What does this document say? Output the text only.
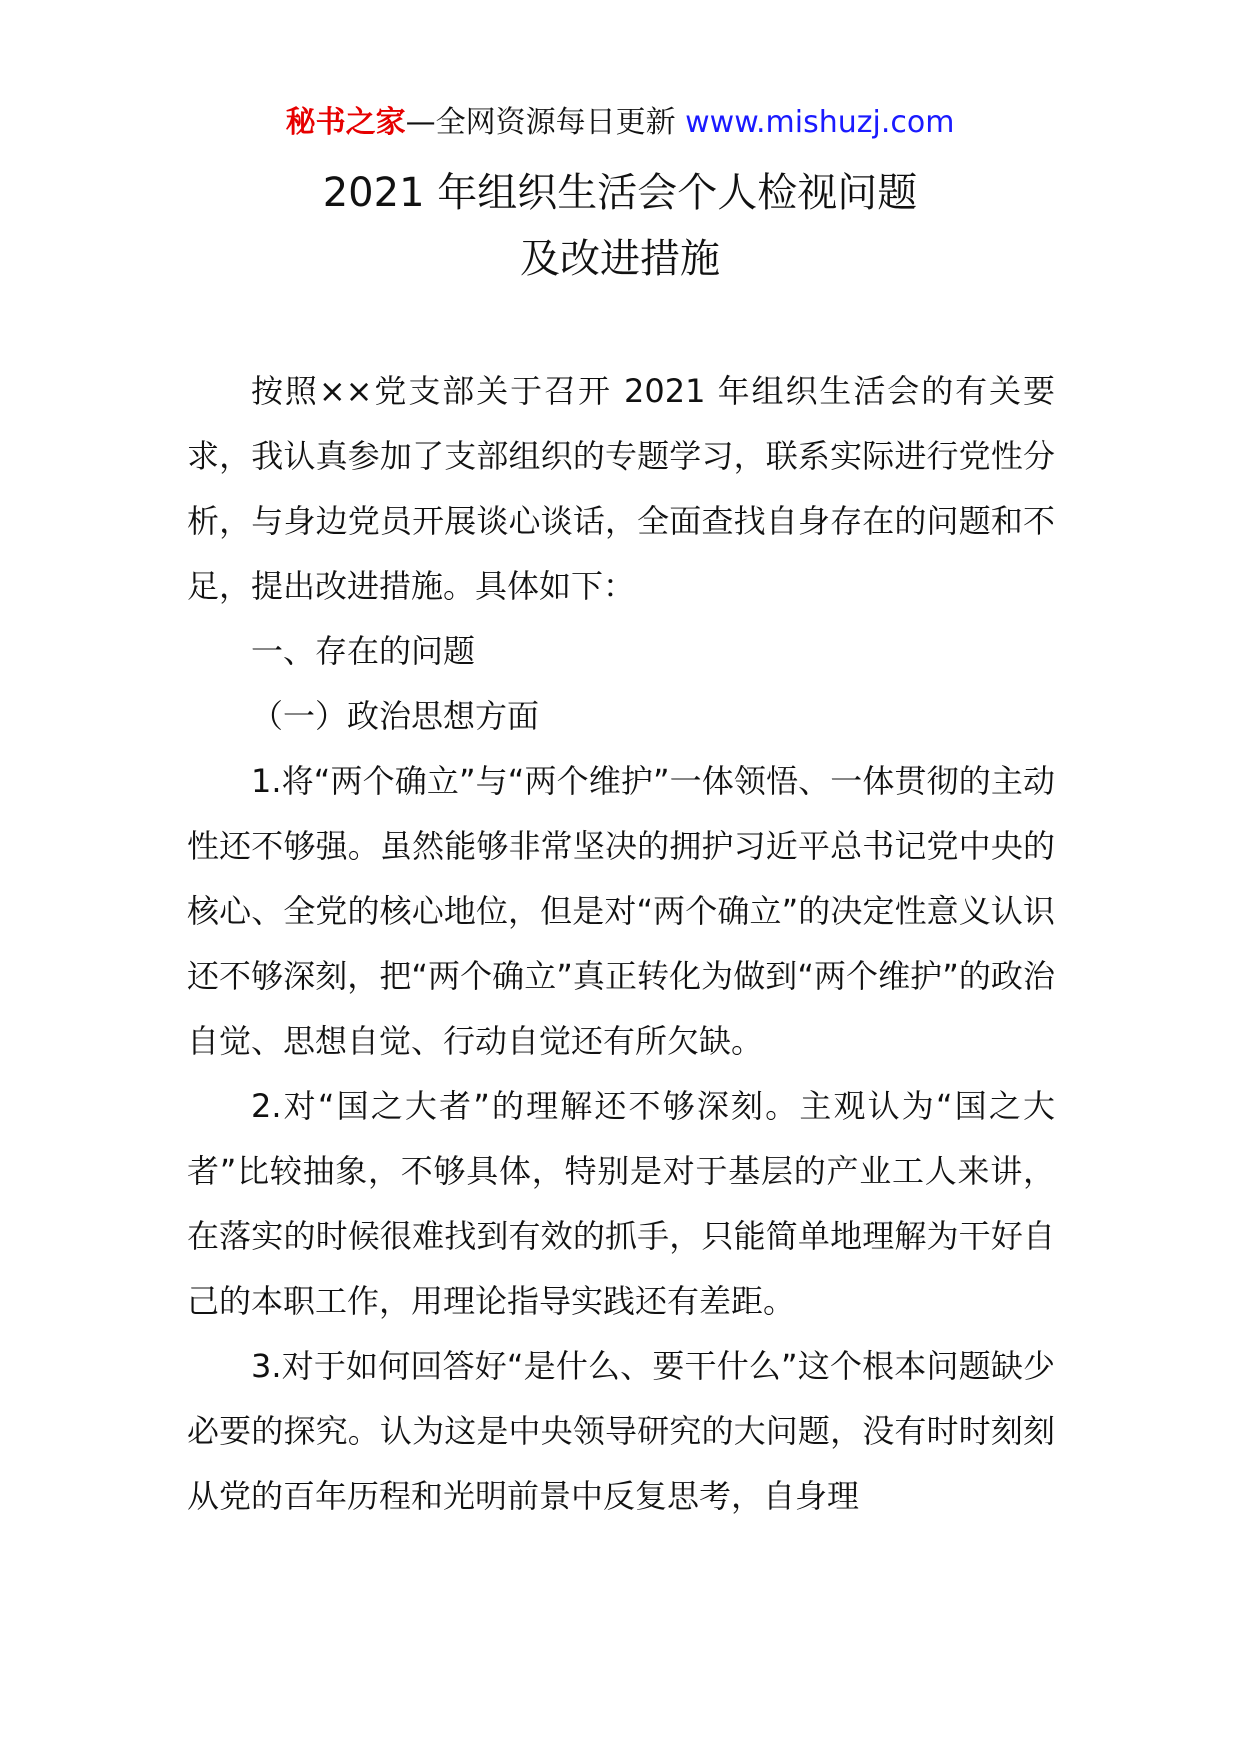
秘书之家—全网资源每日更新 www.mishuzj.com
2021 年组织生活会个人检视问题
及改进措施

按照××党支部关于召开 2021 年组织生活会的有关要求，我认真参加了支部组织的专题学习，联系实际进行党性分析，与身边党员开展谈心谈话，全面查找自身存在的问题和不足，提出改进措施。具体如下：

一、存在的问题

（一）政治思想方面

1.将“两个确立”与“两个维护”一体领悟、一体贯彻的主动性还不够强。虽然能够非常坚决的拥护习近平总书记党中央的核心、全党的核心地位，但是对“两个确立”的决定性意义认识还不够深刻，把“两个确立”真正转化为做到“两个维护”的政治自觉、思想自觉、行动自觉还有所欠缺。

2.对“国之大者”的理解还不够深刻。主观认为“国之大者”比较抽象，不够具体，特别是对于基层的产业工人来讲，在落实的时候很难找到有效的抓手，只能简单地理解为干好自己的本职工作，用理论指导实践还有差距。

3.对于如何回答好“是什么、要干什么”这个根本问题缺少必要的探究。认为这是中央领导研究的大问题，没有时时刻刻从党的百年历程和光明前景中反复思考，自身理
